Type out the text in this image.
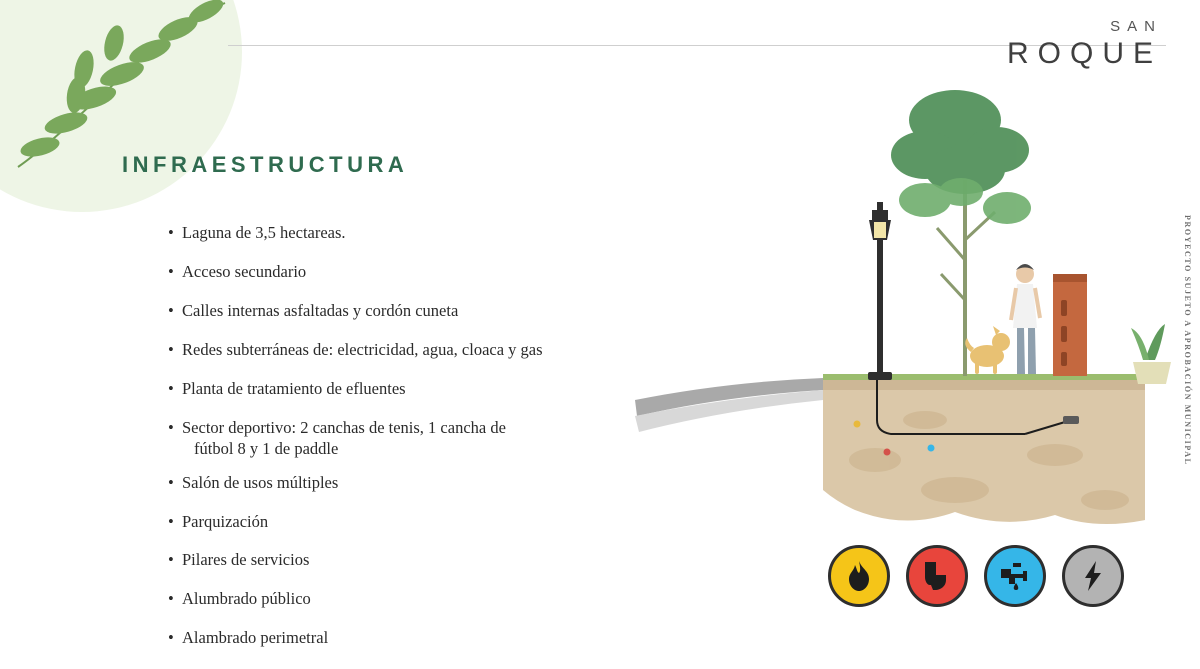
SAN
ROQUE
INFRAESTRUCTURA
• Laguna de 3,5 hectareas.
• Acceso secundario
• Calles internas asfaltadas y cordón cuneta
• Redes subterráneas de: electricidad, agua, cloaca y gas
• Planta de tratamiento de efluentes
• Sector deportivo: 2 canchas de tenis, 1 cancha de
fútbol 8 y 1 de paddle
• Salón de usos múltiples
• Parquización
• Pilares de servicios
• Alumbrado público
• Alambrado perimetral
PROYECTO SUJETO A APROBACIÓN MUNICIPAL
